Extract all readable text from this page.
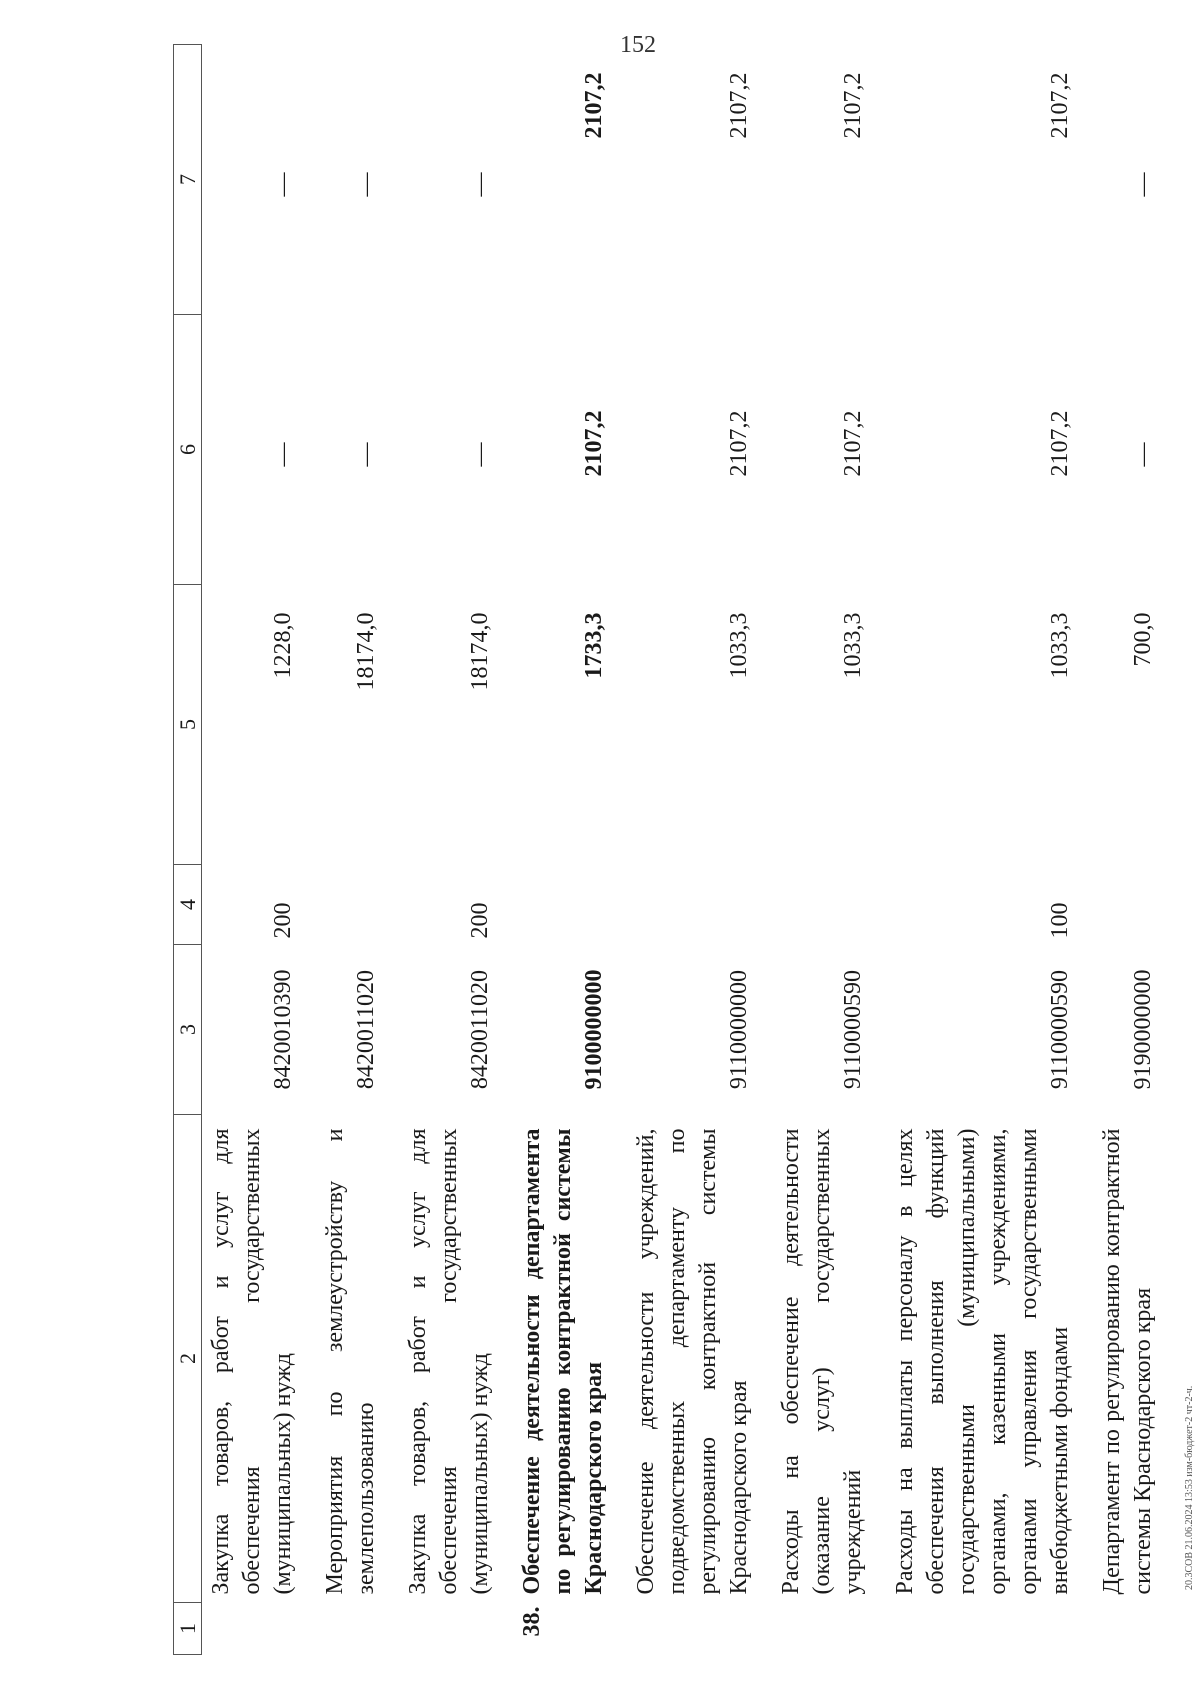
152
20.3СОВ 21.06.2024 13:53 изм-бюджет-2 чт-2-ч.
1	2	3	4	5	6	7
	Закупка товаров, работ и услуг для обеспечения государственных (муниципальных) нужд	8420010390	200	1228,0	—	—
	Мероприятия по землеустройству и землепользованию	8420011020		18174,0	—	—
	Закупка товаров, работ и услуг для обеспечения государственных (муниципальных) нужд	8420011020	200	18174,0	—	—
38.	Обеспечение деятельности департамента по регулированию контрактной системы Краснодарского края	9100000000		1733,3	2107,2	2107,2
	Обеспечение деятельности учреждений, подведомственных департаменту по регулированию контрактной системы Краснодарского края	9110000000		1033,3	2107,2	2107,2
	Расходы на обеспечение деятельности (оказание услуг) государственных учреждений	9110000590		1033,3	2107,2	2107,2
	Расходы на выплаты персоналу в целях обеспечения выполнения функций государственными (муниципальными) органами, казенными учреждениями, органами управления государственными внебюджетными фондами	9110000590	100	1033,3	2107,2	2107,2
	Департамент по регулированию контрактной системы Краснодарского края	9190000000		700,0	—	—
